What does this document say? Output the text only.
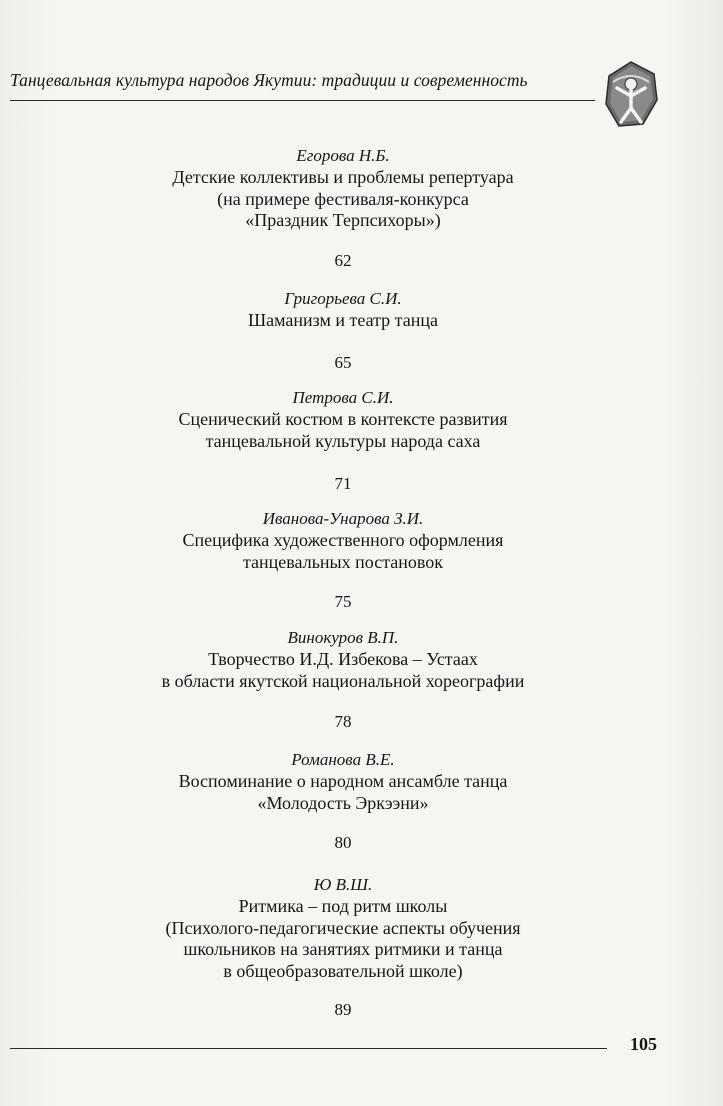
Танцевальная культура народов Якутии: традиции и современность
Егорова Н.Б.
Детские коллективы и проблемы репертуара
(на примере фестиваля-конкурса
«Праздник Терпсихоры»)
62
Григорьева С.И.
Шаманизм и театр танца
65
Петрова С.И.
Сценический костюм в контексте развития
танцевальной культуры народа саха
71
Иванова-Унарова З.И.
Специфика художественного оформления
танцевальных постановок
75
Винокуров В.П.
Творчество И.Д. Избекова – Устаах
в области якутской национальной хореографии
78
Романова В.Е.
Воспоминание о народном ансамбле танца
«Молодость Эркээни»
80
Ю В.Ш.
Ритмика – под ритм школы
(Психолого-педагогические аспекты обучения
школьников на занятиях ритмики и танца
в общеобразовательной школе)
89
105
